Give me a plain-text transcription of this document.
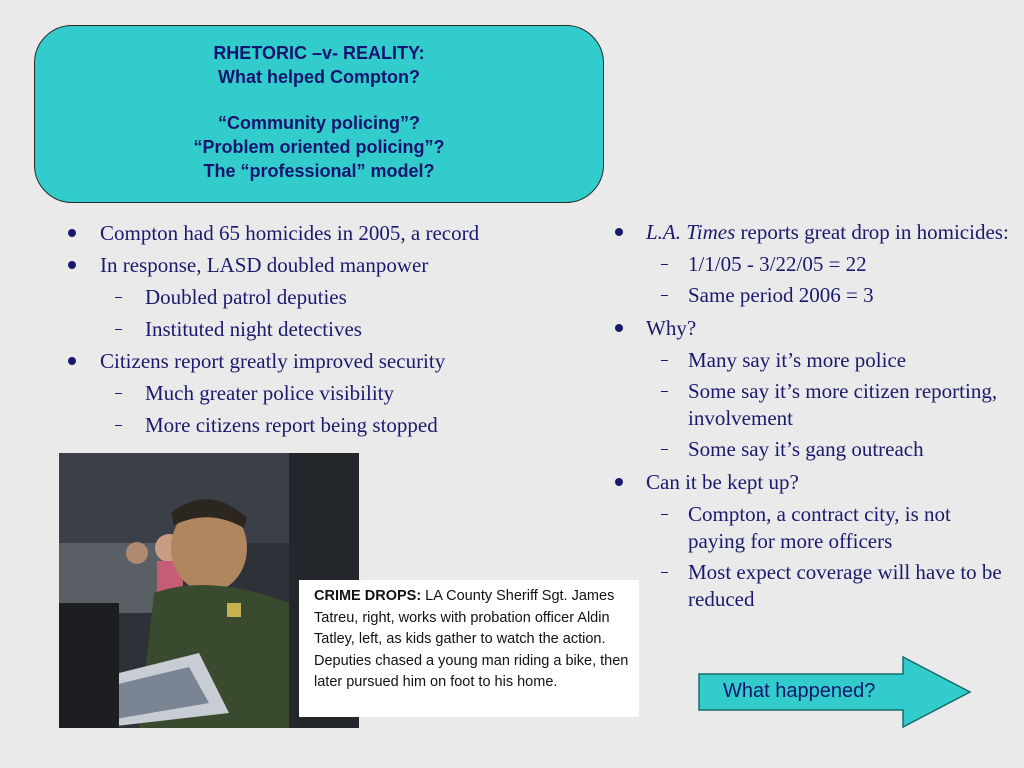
RHETORIC –v- REALITY:
What helped Compton?
“Community policing”?
“Problem oriented policing”?
The “professional” model?
Compton had 65 homicides in 2005, a record
In response, LASD doubled manpower
Doubled patrol deputies
Instituted night detectives
Citizens report greatly improved security
Much greater police visibility
More citizens report being stopped
L.A. Times reports great drop in homicides:
1/1/05 - 3/22/05 = 22
Same period 2006 = 3
Why?
Many say it’s more police
Some say it’s more citizen reporting, involvement
Some say it’s gang outreach
Can it be kept up?
Compton, a contract city, is not paying for more officers
Most expect coverage will have to be reduced
CRIME DROPS: LA County Sheriff Sgt. James Tatreu, right, works with probation officer Aldin Tatley, left, as kids gather to watch the action. Deputies chased a young man riding a bike, then later pursued him on foot to his home.	What happened?
